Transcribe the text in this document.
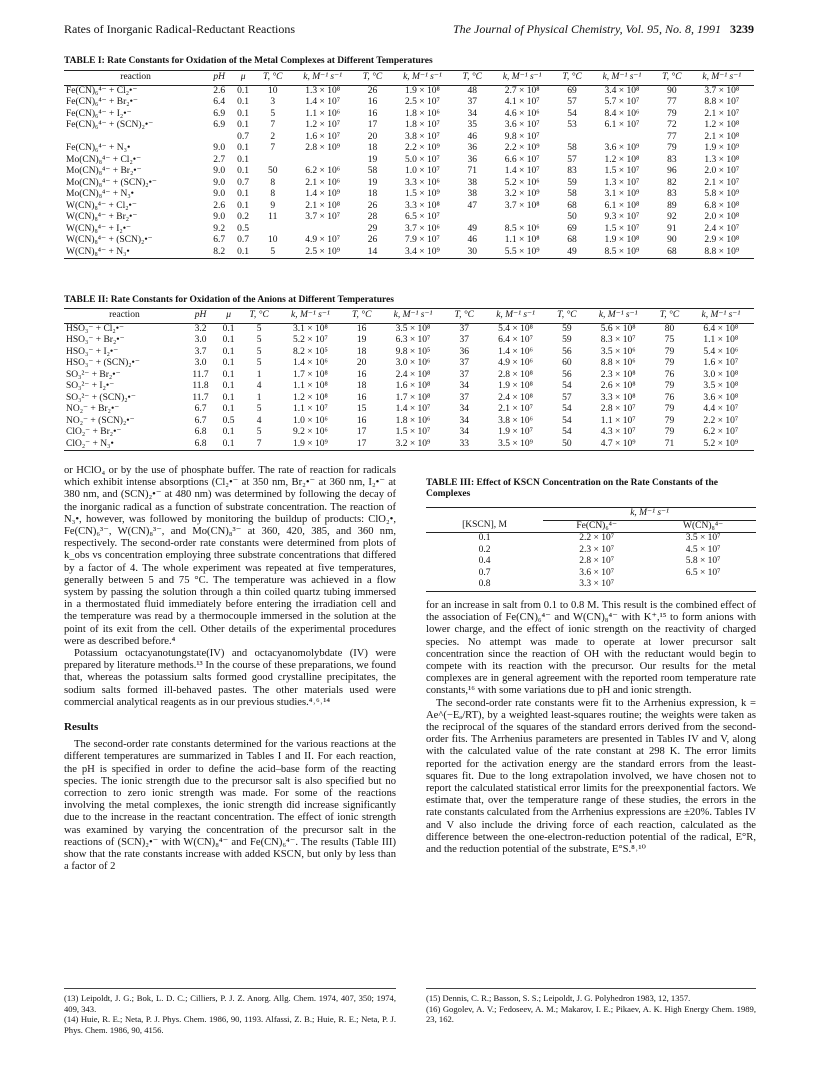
Rates of Inorganic Radical-Reductant Reactions	The Journal of Physical Chemistry, Vol. 95, No. 8, 1991 3239
TABLE I: Rate Constants for Oxidation of the Metal Complexes at Different Temperatures
reaction	pH	μ	T, °C	k, M⁻¹ s⁻¹	T, °C	k, M⁻¹ s⁻¹	T, °C	k, M⁻¹ s⁻¹	T, °C	k, M⁻¹ s⁻¹	T, °C	k, M⁻¹ s⁻¹
Fe(CN)₆⁴⁻ + Cl₂•⁻	2.6	0.1	10	1.3 × 10⁸	26	1.9 × 10⁸	48	2.7 × 10⁸	69	3.4 × 10⁸	90	3.7 × 10⁸
Fe(CN)₆⁴⁻ + Br₂•⁻	6.4	0.1	3	1.4 × 10⁷	16	2.5 × 10⁷	37	4.1 × 10⁷	57	5.7 × 10⁷	77	8.8 × 10⁷
Fe(CN)₆⁴⁻ + I₂•⁻	6.9	0.1	5	1.1 × 10⁶	16	1.8 × 10⁶	34	4.6 × 10⁶	54	8.4 × 10⁶	79	2.1 × 10⁷
Fe(CN)₆⁴⁻ + (SCN)₂•⁻	6.9	0.1	7	1.2 × 10⁷	17	1.8 × 10⁷	35	3.6 × 10⁷	53	6.1 × 10⁷	72	1.2 × 10⁸
		0.7	2	1.6 × 10⁷	20	3.8 × 10⁷	46	9.8 × 10⁷			77	2.1 × 10⁸
Fe(CN)₆⁴⁻ + N₃•	9.0	0.1	7	2.8 × 10⁹	18	2.2 × 10⁹	36	2.2 × 10⁹	58	3.6 × 10⁹	79	1.9 × 10⁹
Mo(CN)₈⁴⁻ + Cl₂•⁻	2.7	0.1			19	5.0 × 10⁷	36	6.6 × 10⁷	57	1.2 × 10⁸	83	1.3 × 10⁸
Mo(CN)₈⁴⁻ + Br₂•⁻	9.0	0.1	50	6.2 × 10⁶	58	1.0 × 10⁷	71	1.4 × 10⁷	83	1.5 × 10⁷	96	2.0 × 10⁷
Mo(CN)₈⁴⁻ + (SCN)₂•⁻	9.0	0.7	8	2.1 × 10⁶	19	3.3 × 10⁶	38	5.2 × 10⁶	59	1.3 × 10⁷	82	2.1 × 10⁷
Mo(CN)₈⁴⁻ + N₃•	9.0	0.1	8	1.4 × 10⁹	18	1.5 × 10⁹	38	3.2 × 10⁹	58	3.1 × 10⁹	83	5.8 × 10⁹
W(CN)₈⁴⁻ + Cl₂•⁻	2.6	0.1	9	2.1 × 10⁸	26	3.3 × 10⁸	47	3.7 × 10⁸	68	6.1 × 10⁸	89	6.8 × 10⁸
W(CN)₈⁴⁻ + Br₂•⁻	9.0	0.2	11	3.7 × 10⁷	28	6.5 × 10⁷			50	9.3 × 10⁷	92	2.0 × 10⁸
W(CN)₈⁴⁻ + I₂•⁻	9.2	0.5			29	3.7 × 10⁶	49	8.5 × 10⁶	69	1.5 × 10⁷	91	2.4 × 10⁷
W(CN)₈⁴⁻ + (SCN)₂•⁻	6.7	0.7	10	4.9 × 10⁷	26	7.9 × 10⁷	46	1.1 × 10⁸	68	1.9 × 10⁸	90	2.9 × 10⁸
W(CN)₈⁴⁻ + N₃•	8.2	0.1	5	2.5 × 10⁹	14	3.4 × 10⁹	30	5.5 × 10⁹	49	8.5 × 10⁹	68	8.8 × 10⁹
TABLE II: Rate Constants for Oxidation of the Anions at Different Temperatures
reaction	pH	μ	T, °C	k, M⁻¹ s⁻¹	T, °C	k, M⁻¹ s⁻¹	T, °C	k, M⁻¹ s⁻¹	T, °C	k, M⁻¹ s⁻¹	T, °C	k, M⁻¹ s⁻¹
HSO₃⁻ + Cl₂•⁻	3.2	0.1	5	3.1 × 10⁸	16	3.5 × 10⁸	37	5.4 × 10⁸	59	5.6 × 10⁸	80	6.4 × 10⁸
HSO₃⁻ + Br₂•⁻	3.0	0.1	5	5.2 × 10⁷	19	6.3 × 10⁷	37	6.4 × 10⁷	59	8.3 × 10⁷	75	1.1 × 10⁸
HSO₃⁻ + I₂•⁻	3.7	0.1	5	8.2 × 10⁵	18	9.8 × 10⁵	36	1.4 × 10⁶	56	3.5 × 10⁶	79	5.4 × 10⁶
HSO₃⁻ + (SCN)₂•⁻	3.0	0.1	5	1.4 × 10⁶	20	3.0 × 10⁶	37	4.9 × 10⁶	60	8.8 × 10⁶	79	1.6 × 10⁷
SO₃²⁻ + Br₂•⁻	11.7	0.1	1	1.7 × 10⁸	16	2.4 × 10⁸	37	2.8 × 10⁸	56	2.3 × 10⁸	76	3.0 × 10⁸
SO₃²⁻ + I₂•⁻	11.8	0.1	4	1.1 × 10⁸	18	1.6 × 10⁸	34	1.9 × 10⁸	54	2.6 × 10⁸	79	3.5 × 10⁸
SO₃²⁻ + (SCN)₂•⁻	11.7	0.1	1	1.2 × 10⁸	16	1.7 × 10⁸	37	2.4 × 10⁸	57	3.3 × 10⁸	76	3.6 × 10⁸
NO₂⁻ + Br₂•⁻	6.7	0.1	5	1.1 × 10⁷	15	1.4 × 10⁷	34	2.1 × 10⁷	54	2.8 × 10⁷	79	4.4 × 10⁷
NO₂⁻ + (SCN)₂•⁻	6.7	0.5	4	1.0 × 10⁶	16	1.8 × 10⁶	34	3.8 × 10⁶	54	1.1 × 10⁷	79	2.2 × 10⁷
ClO₂⁻ + Br₂•⁻	6.8	0.1	5	9.2 × 10⁶	17	1.5 × 10⁷	34	1.9 × 10⁷	54	4.3 × 10⁷	79	6.2 × 10⁷
ClO₂⁻ + N₃•	6.8	0.1	7	1.9 × 10⁹	17	3.2 × 10⁹	33	3.5 × 10⁹	50	4.7 × 10⁹	71	5.2 × 10⁹

or HClO₄ or by the use of phosphate buffer. The rate of reaction for radicals which exhibit intense absorptions (Cl₂•⁻ at 350 nm, Br₂•⁻ at 360 nm, I₂•⁻ at 380 nm, and (SCN)₂•⁻ at 480 nm) was determined by following the decay of the inorganic radical as a function of substrate concentration. The reaction of N₃•, however, was followed by monitoring the buildup of products: ClO₂•, Fe(CN)₆³⁻, W(CN)₈³⁻, and Mo(CN)₈³⁻ at 360, 420, 385, and 360 nm, respectively. The second-order rate constants were determined from plots of k_obs vs concentration employing three substrate concentrations that differed by a factor of 4. The whole experiment was repeated at five temperatures, generally between 5 and 75 °C. The temperature was achieved in a flow system by passing the solution through a thin coiled quartz tubing immersed in a thermostated fluid immediately before entering the irradiation cell and the temperature was read by a thermocouple immersed in the solution at the point of its exit from the cell. Other details of the experimental procedures were as described before.⁴

Potassium octacyanotungstate(IV) and octacyanomolybdate (IV) were prepared by literature methods.¹³ In the course of these preparations, we found that, whereas the potassium salts formed good crystalline precipitates, the sodium salts formed ill-behaved pastes. The other materials used were commercial analytical reagents as in our previous studies.⁴˒⁶˒¹⁴

Results

The second-order rate constants determined for the various reactions at the different temperatures are summarized in Tables I and II. For each reaction, the pH is specified in order to define the acid–base form of the reacting species. The ionic strength due to the precursor salt is also specified but no correction to zero ionic strength was made. For some of the reactions involving the metal complexes, the ionic strength did increase significantly due to the increase in the reactant concentration. The effect of ionic strength was examined by varying the concentration of the precursor salt in the reactions of (SCN)₂•⁻ with W(CN)₈⁴⁻ and Fe(CN)₆⁴⁻. The results (Table III) show that the rate constants increase with added KSCN, but only by less than a factor of 2

TABLE III: Effect of KSCN Concentration on the Rate Constants of the Complexes
	k, M⁻¹ s⁻¹	
[KSCN], M	Fe(CN)₆⁴⁻	W(CN)₈⁴⁻
0.1	2.2 × 10⁷	3.5 × 10⁷
0.2	2.3 × 10⁷	4.5 × 10⁷
0.4	2.8 × 10⁷	5.8 × 10⁷
0.7	3.6 × 10⁷	6.5 × 10⁷
0.8	3.3 × 10⁷	

for an increase in salt from 0.1 to 0.8 M. This result is the combined effect of the association of Fe(CN)₆⁴⁻ and W(CN)₈⁴⁻ with K⁺,¹⁵ to form anions with lower charge, and the effect of ionic strength on the reactivity of charged species. No attempt was made to operate at lower precursor salt concentration since the reaction of OH with the reductant would begin to compete with its reaction with the precursor. Our results for the metal complexes are in general agreement with the reported room temperature rate constants,¹⁶ with some variations due to pH and ionic strength.

The second-order rate constants were fit to the Arrhenius expression, k = Ae^(−Eₐ/RT), by a weighted least-squares routine; the weights were taken as the reciprocal of the squares of the standard errors derived from the second-order fits. The Arrhenius parameters are presented in Tables IV and V, along with the calculated value of the rate constant at 298 K. The error limits reported for the activation energy are the standard errors from the least-squares fit. Due to the long extrapolation involved, we have chosen not to report the calculated statistical error limits for the preexponential factors. We estimate that, over the temperature range of these studies, the errors in the rate constants calculated from the Arrhenius expressions are ±20%. Tables IV and V also include the driving force of each reaction, calculated as the difference between the one-electron-reduction potential of the radical, E°R, and the reduction potential of the substrate, E°S.⁸˒¹⁰

(13) Leipoldt, J. G.; Bok, L. D. C.; Cilliers, P. J. Z. Anorg. Allg. Chem. 1974, 407, 350; 1974, 409, 343.
(14) Huie, R. E.; Neta, P. J. Phys. Chem. 1986, 90, 1193. Alfassi, Z. B.; Huie, R. E.; Neta, P. J. Phys. Chem. 1986, 90, 4156.
(15) Dennis, C. R.; Basson, S. S.; Leipoldt, J. G. Polyhedron 1983, 12, 1357.
(16) Gogolev, A. V.; Fedoseev, A. M.; Makarov, I. E.; Pikaev, A. K. High Energy Chem. 1989, 23, 162.
